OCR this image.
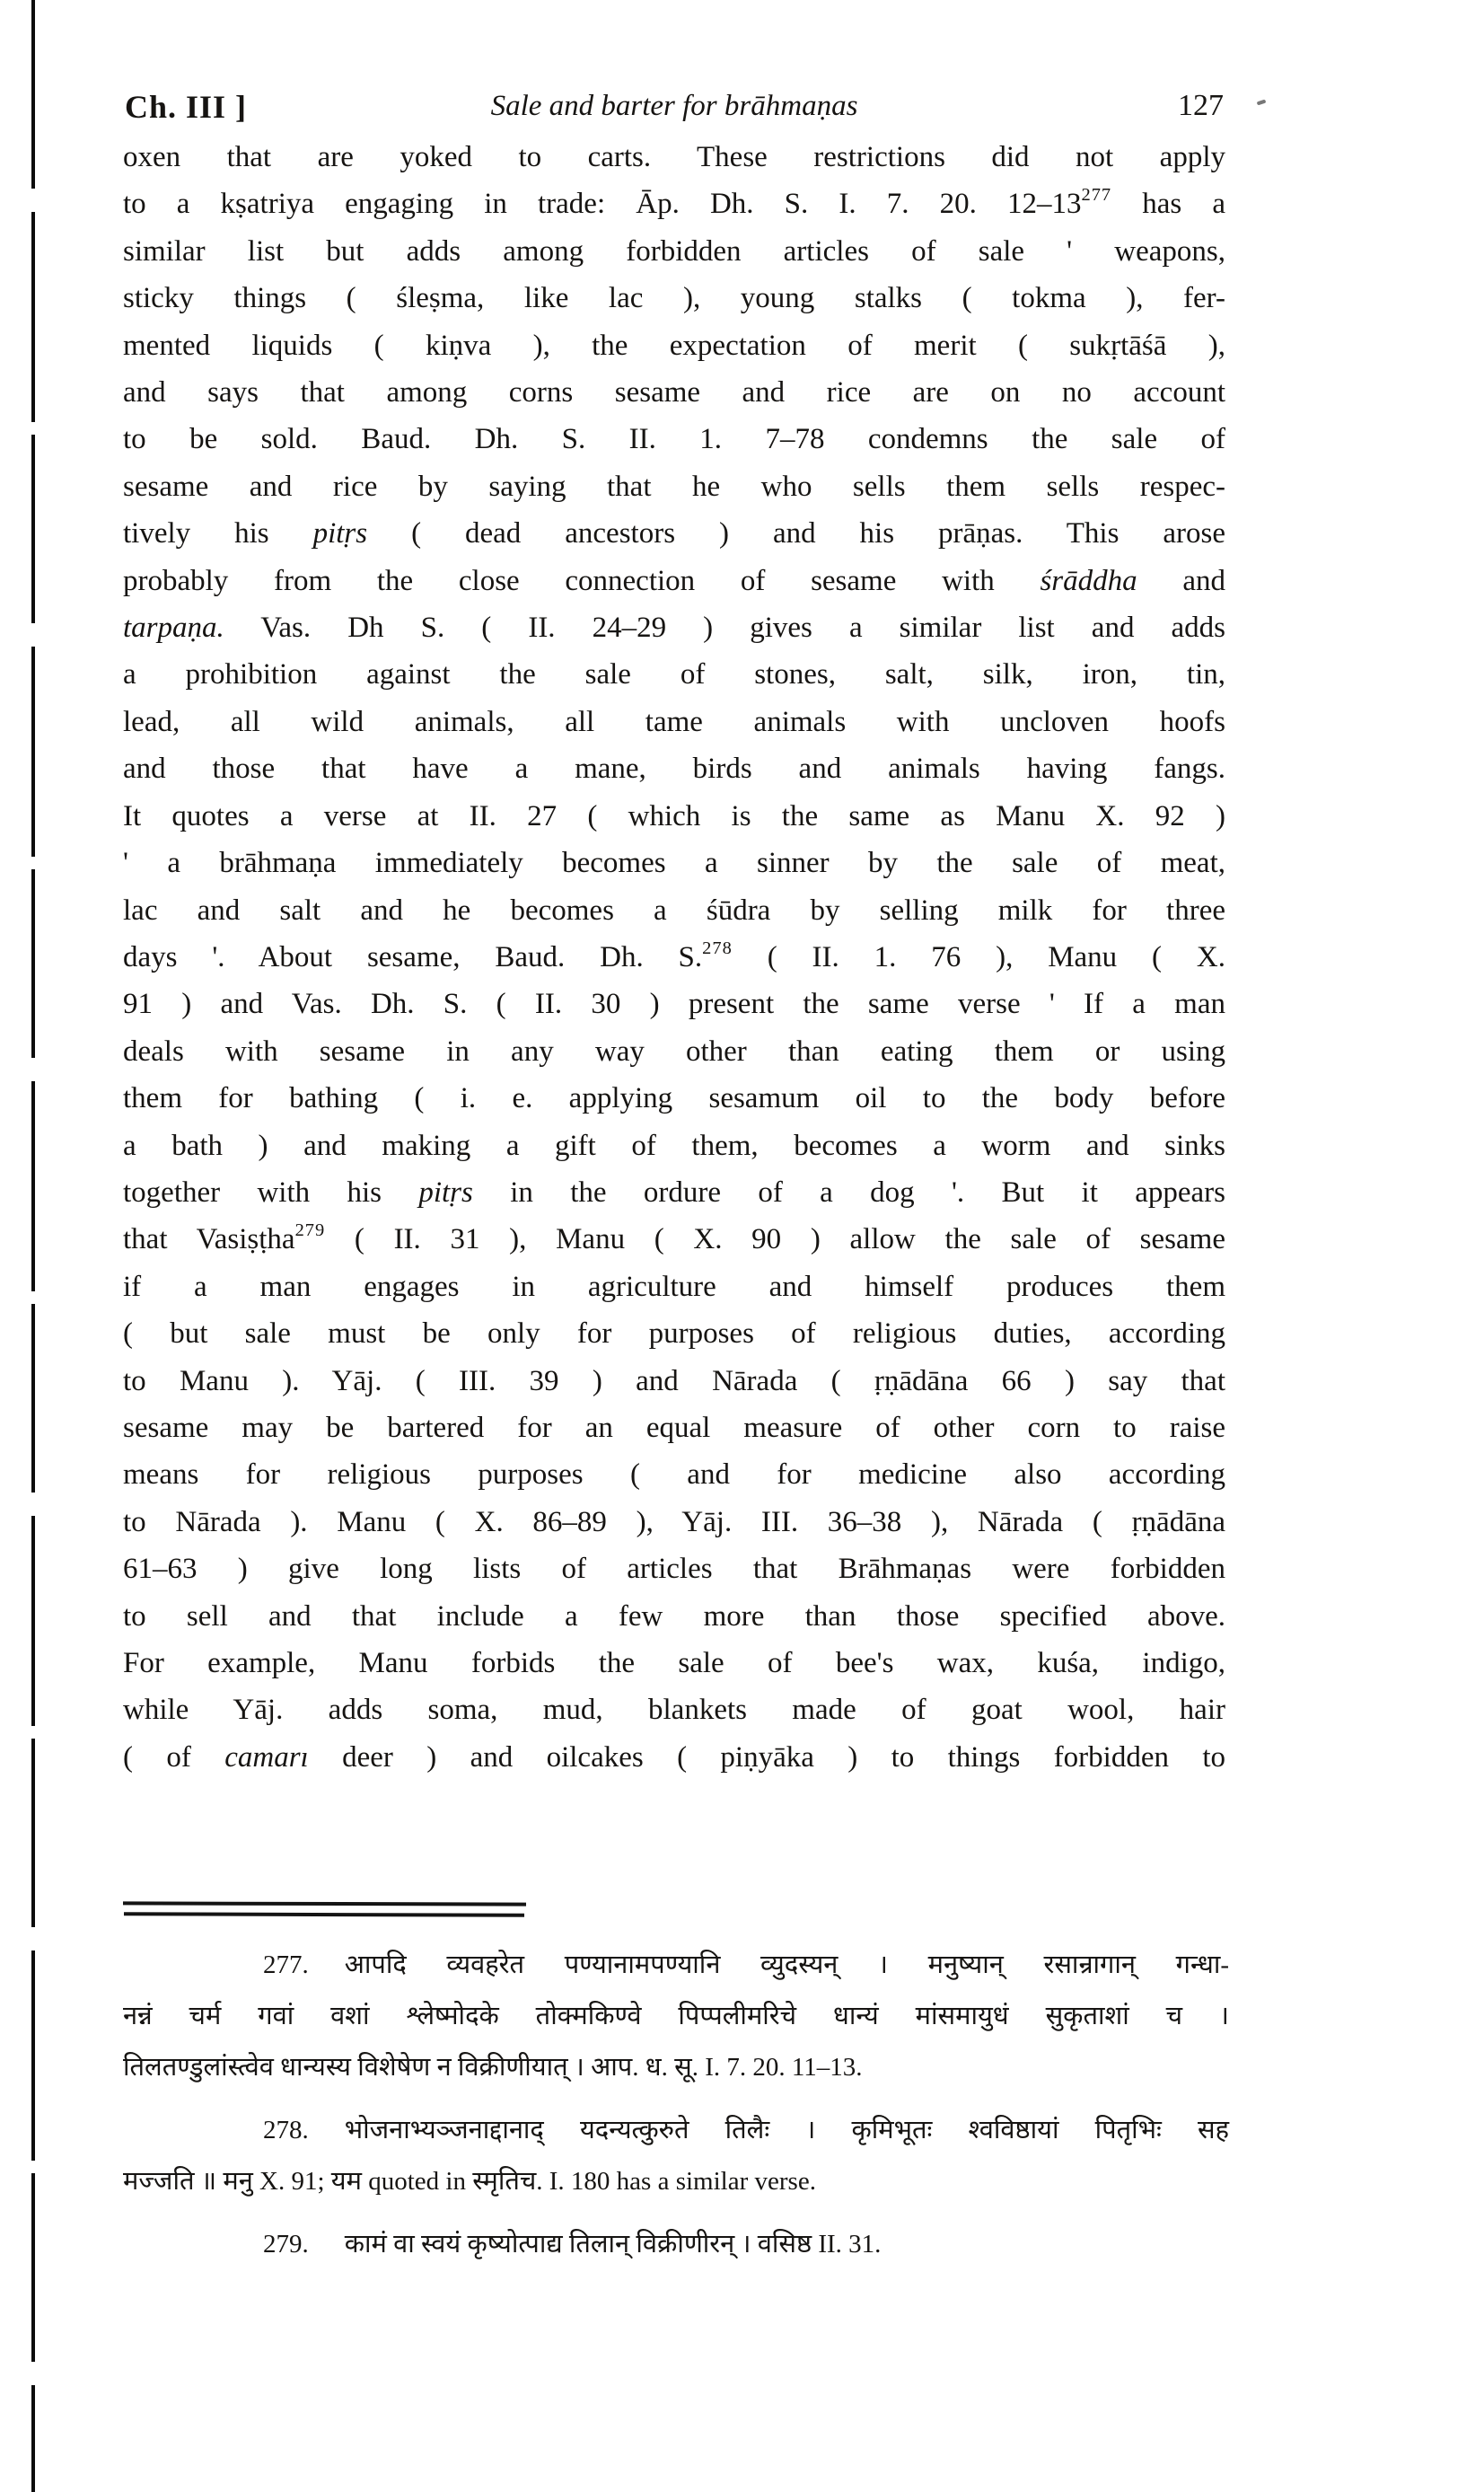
Ch. III ]	Sale and barter for brāhmaṇas	127
oxen that are yoked to carts. These restrictions did not apply
to a kṣatriya engaging in trade: Āp. Dh. S. I. 7. 20. $12-13^{277}$ has a
similar list but adds among forbidden articles of sale ' weapons,
sticky things ( śleṣma, like lac ), young stalks ( tokma ), fer-
mented liquids ( kiṇva ), the expectation of merit ( sukṛtāśā ),
and says that among corns sesame and rice are on no account
to be sold. Baud. Dh. S. II. 1. 7–78 condemns the sale of
sesame and rice by saying that he who sells them sells respec-
tively his pitṛs ( dead ancestors ) and his prāṇas. This arose
probably from the close connection of sesame with śrāddha and
tarpaṇa. Vas. Dh S. ( II. 24–29 ) gives a similar list and adds
a prohibition against the sale of stones, salt, silk, iron, tin,
lead, all wild animals, all tame animals with uncloven hoofs
and those that have a mane, birds and animals having fangs.
It quotes a verse at II. 27 ( which is the same as Manu X. 92 )
' a brāhmaṇa immediately becomes a sinner by the sale of meat,
lac and salt and he becomes a śūdra by selling milk for three
days '. About sesame, Baud. Dh. S.$^{278}$ ( II. 1. 76 ), Manu ( X.
91 ) and Vas. Dh. S. ( II. 30 ) present the same verse ' If a man
deals with sesame in any way other than eating them or using
them for bathing ( i. e. applying sesamum oil to the body before
a bath ) and making a gift of them, becomes a worm and sinks
together with his pitṛs in the ordure of a dog '. But it appears
that Vasiṣṭha$^{279}$ ( II. 31 ), Manu ( X. 90 ) allow the sale of sesame
if a man engages in agriculture and himself produces them
( but sale must be only for purposes of religious duties, according
to Manu ). Yāj. ( III. 39 ) and Nārada ( ṛṇādāna 66 ) say that
sesame may be bartered for an equal measure of other corn to raise
means for religious purposes ( and for medicine also according
to Nārada ). Manu ( X. 86–89 ), Yāj. III. 36–38 ), Nārada ( ṛṇādāna
61–63 ) give long lists of articles that Brāhmaṇas were forbidden
to sell and that include a few more than those specified above.
For example, Manu forbids the sale of bee's wax, kuśa, indigo,
while Yāj. adds soma, mud, blankets made of goat wool, hair
( of camarı deer ) and oilcakes ( piṇyāka ) to things forbidden to
277. आपदि व्यवहरेत पण्यानामपण्यानि व्युदस्यन् । मनुष्यान् रसान्रागान् गन्धा-
नन्नं चर्म गवां वशां श्लेष्मोदके तोक्मकिण्वे पिप्पलीमरिचे धान्यं मांसमायुधं सुकृताशां च ।
तिलतण्डुलांस्त्वेव धान्यस्य विशेषेण न विक्रीणीयात् । आप. ध. सू. I. 7. 20. 11–13.
278. भोजनाभ्यञ्जनाद्दानाद् यदन्यत्कुरुते तिलैः । कृमिभूतः श्वविष्ठायां पितृभिः सह
मज्जति ॥ मनु X. 91; यम quoted in स्मृतिच. I. 180 has a similar verse.
279. कामं वा स्वयं कृष्योत्पाद्य तिलान् विक्रीणीरन् । वसिष्ठ II. 31.
